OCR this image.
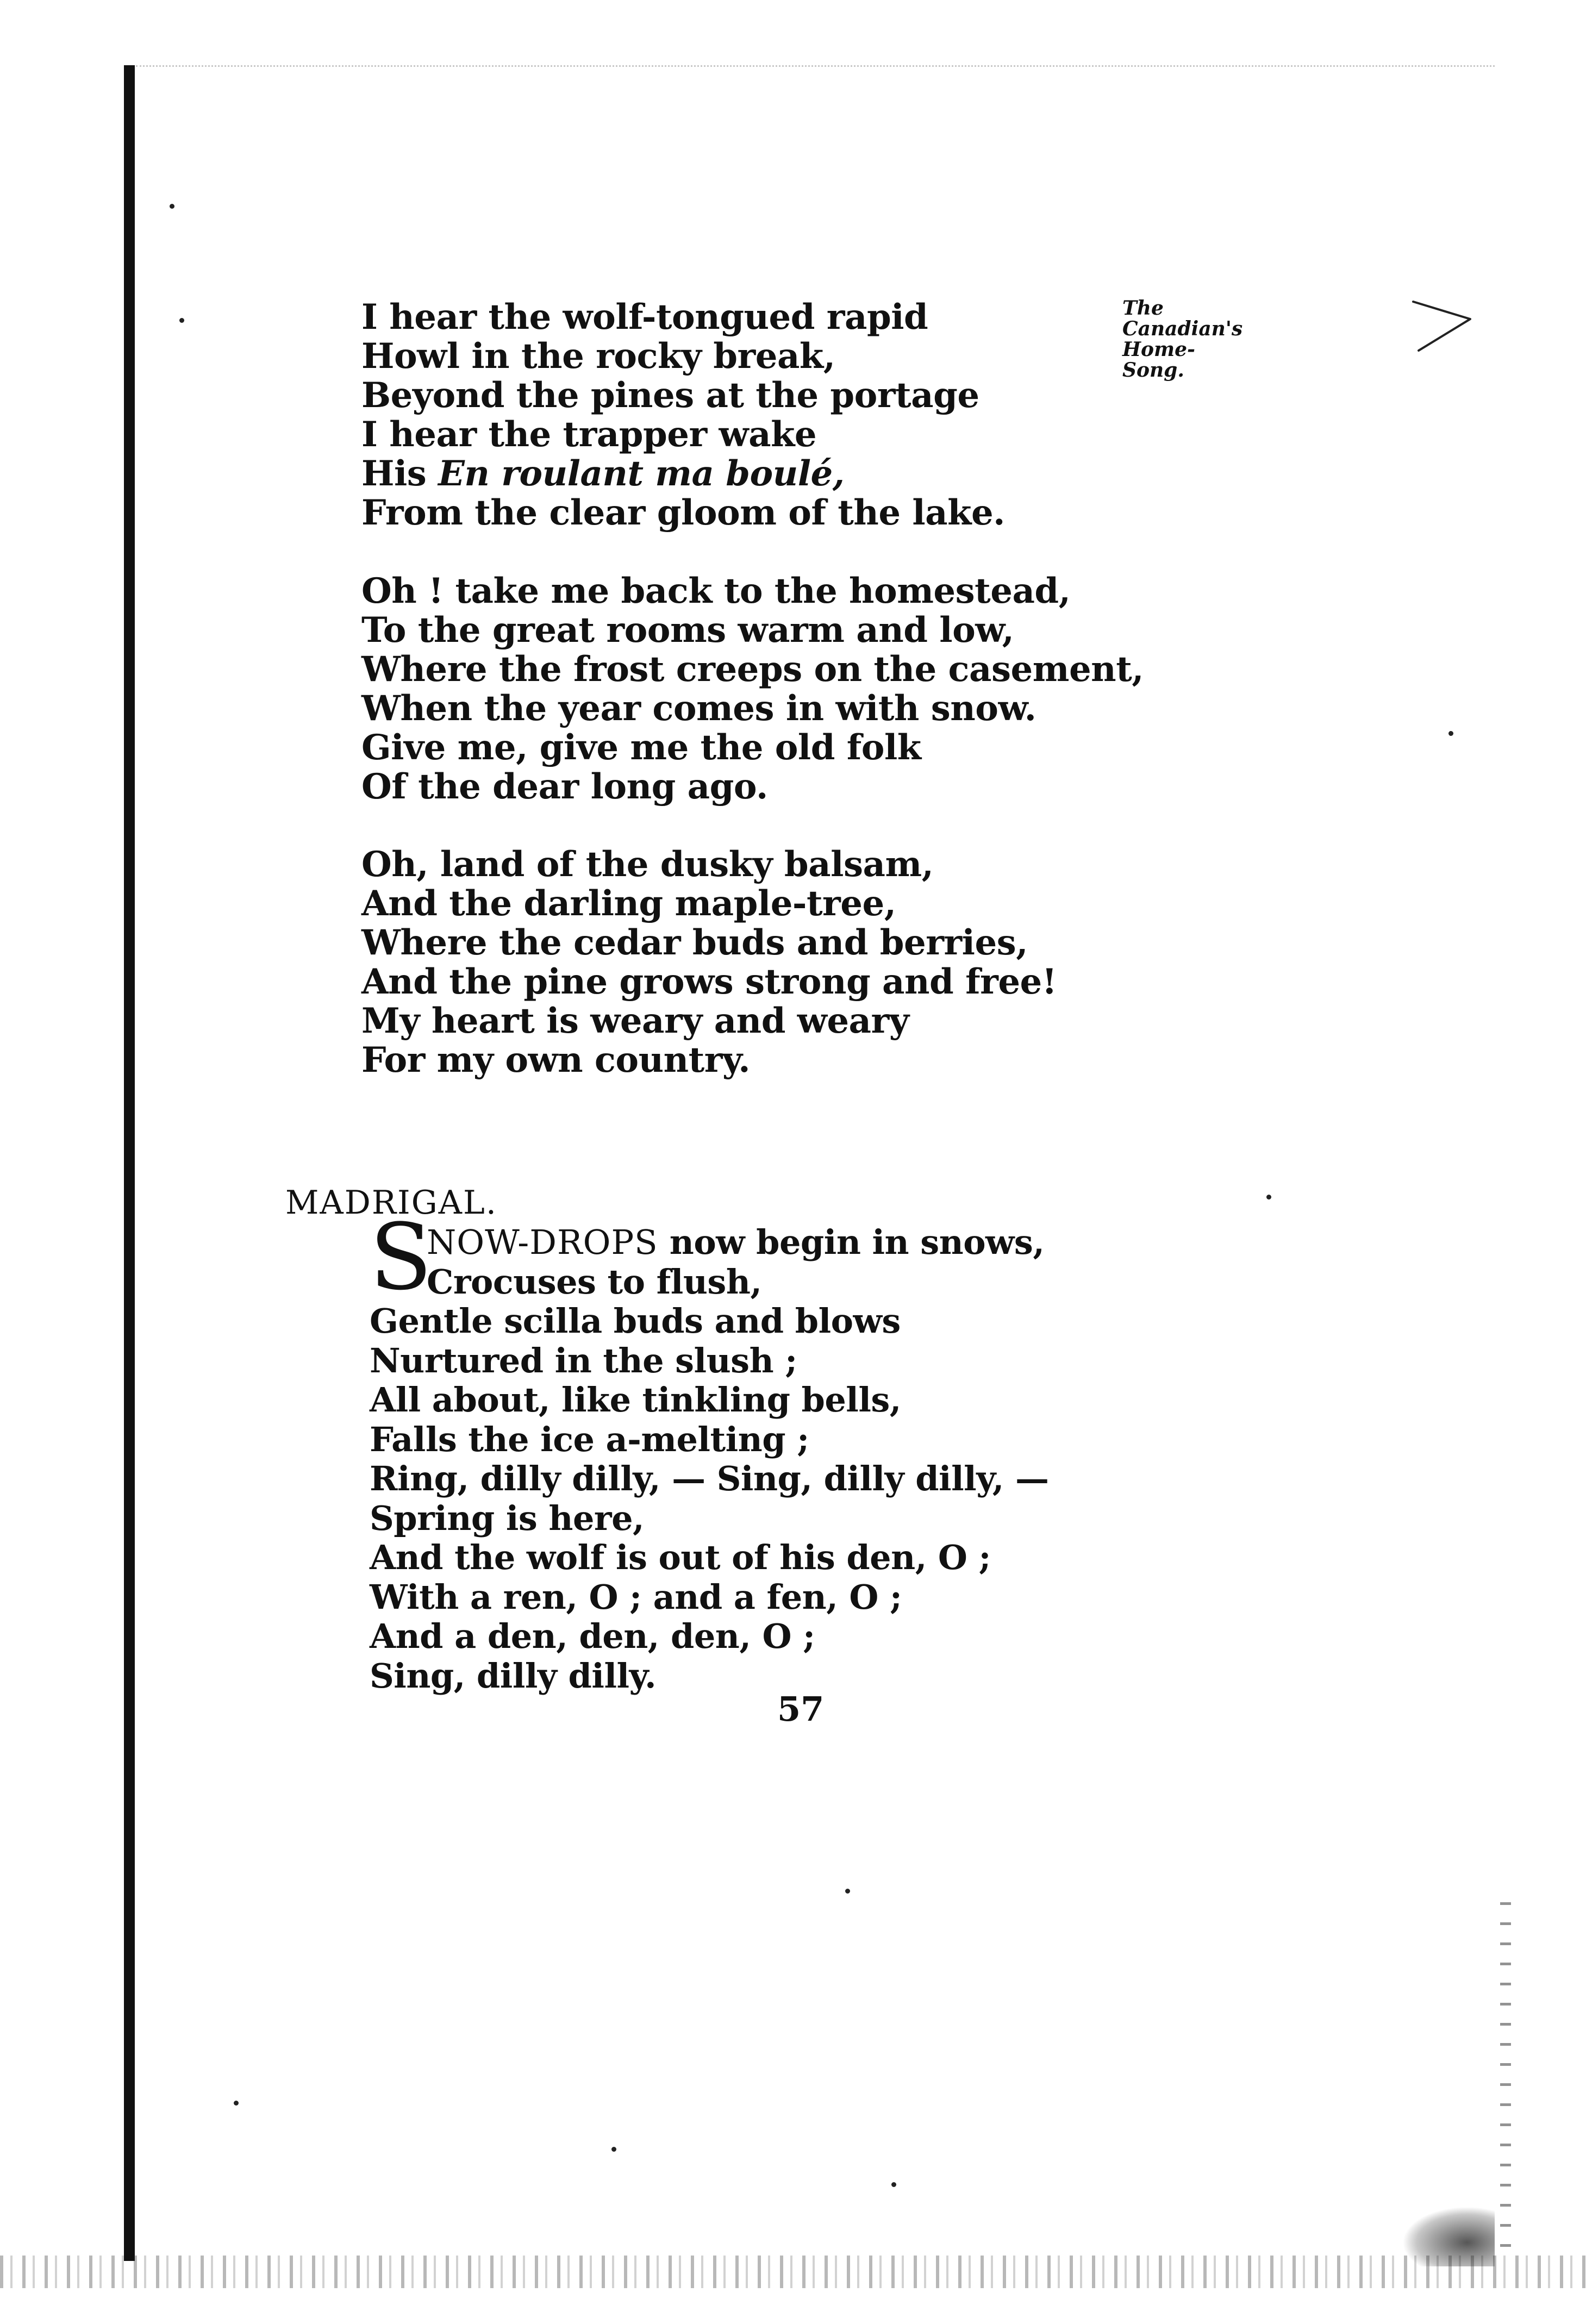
I hear the wolf-tongued rapid
Howl in the rocky break,
Beyond the pines at the portage
I hear the trapper wake
His En roulant ma boulé,
From the clear gloom of the lake.
The
Canadian's
Home-
Song.
Oh ! take me back to the homestead,
To the great rooms warm and low,
Where the frost creeps on the casement,
When the year comes in with snow.
Give me, give me the old folk
Of the dear long ago.
Oh, land of the dusky balsam,
And the darling maple-tree,
Where the cedar buds and berries,
And the pine grows strong and free!
My heart is weary and weary
For my own country.
MADRIGAL.
S
NOW-DROPS now begin in snows,
Crocuses to flush,
Gentle scilla buds and blows
Nurtured in the slush ;
All about, like tinkling bells,
Falls the ice a-melting ;
Ring, dilly dilly, — Sing, dilly dilly, —
Spring is here,
And the wolf is out of his den, O ;
With a ren, O ; and a fen, O ;
And a den, den, den, O ;
Sing, dilly dilly.
57
